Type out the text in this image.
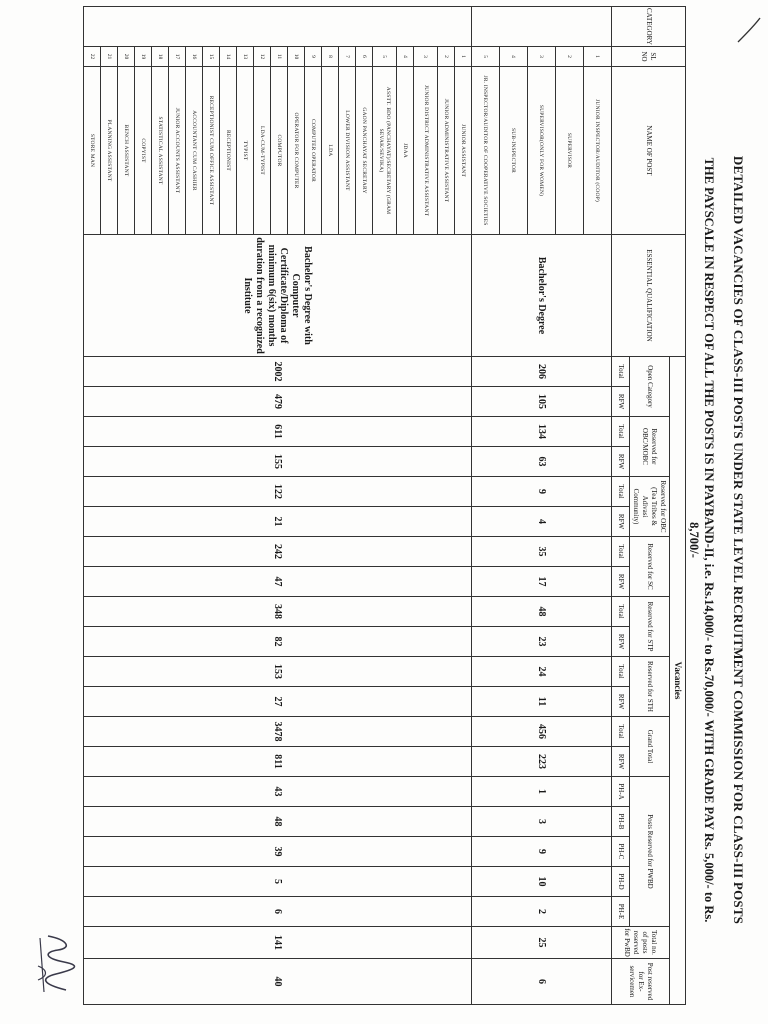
DETAILED VACANCIES OF CLASS-III POSTS UNDER STATE LEVEL RECRUITMENT COMMISSION FOR CLASS-III POSTS
THE PAYSCALE IN RESPECT OF ALL THE POSTS IS IN PAYBAND-II, i.e. Rs.14,000/- to Rs.70,000/- WITH GRADE PAY Rs. 5,000/- to Rs. 8,700/-
CATEGORY	SL NO	NAME OF POST	ESSENTIAL QUALIFICATION	Vacancies																				
				Open Category		Reserved for OBC/MOBC		Reserved for OBC (Tea Tribes & Adivasi Community)		Reserved for SC		Reserved for STP		Reserved for STH		Grand Total		Posts Reserved for PWBD					Total no. of posts reserved for PwBD	Post reserved for Ex-servicemen
				Total	RFW	Total	RFW	Total	RFW	Total	RFW	Total	RFW	Total	RFW	Total	RFW	PH-A	PH-B	PH-C	PH-D	PH-E		
	1	JUNIOR INSPECTOR/AUDITOR (COOP)	Bachelor's Degree	206	105	134	63	9	4	35	17	48	23	24	11	456	223	1	3	9	10	2	25	6
	2	SUPERVISOR																						
	3	SUPERVISOR(ONLY FOR WOMEN)																						
	4	SUB-INSPECTOR																						
	5	JR. INSPECTOR/AUDITOR OF COOPERATIVE SOCIETIES																						
	1	JUNIOR ASSISTANT	Bachelor's Degree with Computer Certificate/Diploma of minimum 6(six) months duration from a recognized Institute	2002	479	611	155	122	21	242	47	348	82	153	27	3478	811	43	48	39	5	6	141	40
	2	JUNIOR ADMINISTRATIVE ASSISTANT																						
	3	JUNIOR DISTRICT ADMINISTRATIVE ASSISTANT																						
	4	JDAA																						
	5	ASSTT. BDO (PANCHAYAT)/SECRETARY (GRAM SEVAK/SEVIKA)																						
	6	GAON PANCHAYAT SECRETARY																						
	7	LOWER DIVISION ASSISTANT																						
	8	LDA																						
	9	COMPUTER OPERATOR																						
	10	OPERATOR FOR COMPUTER																						
	11	COMPUTOR																						
	12	LDA-CUM-TYPIST																						
	13	TYPIST																						
	14	RECEPTIONIST																						
	15	RECEPTIONIST CUM OFFICE ASSISTANT																						
	16	ACCOUNTANT CUM CASHIER																						
	17	JUNIOR ACCOUNTS ASSISTANT																						
	18	STATISTICAL ASSISTANT																						
	19	COPYIST																						
	20	BENCH ASSISTANT																						
	21	PLANNING ASSISTANT																						
	22	STORE MAN																						
